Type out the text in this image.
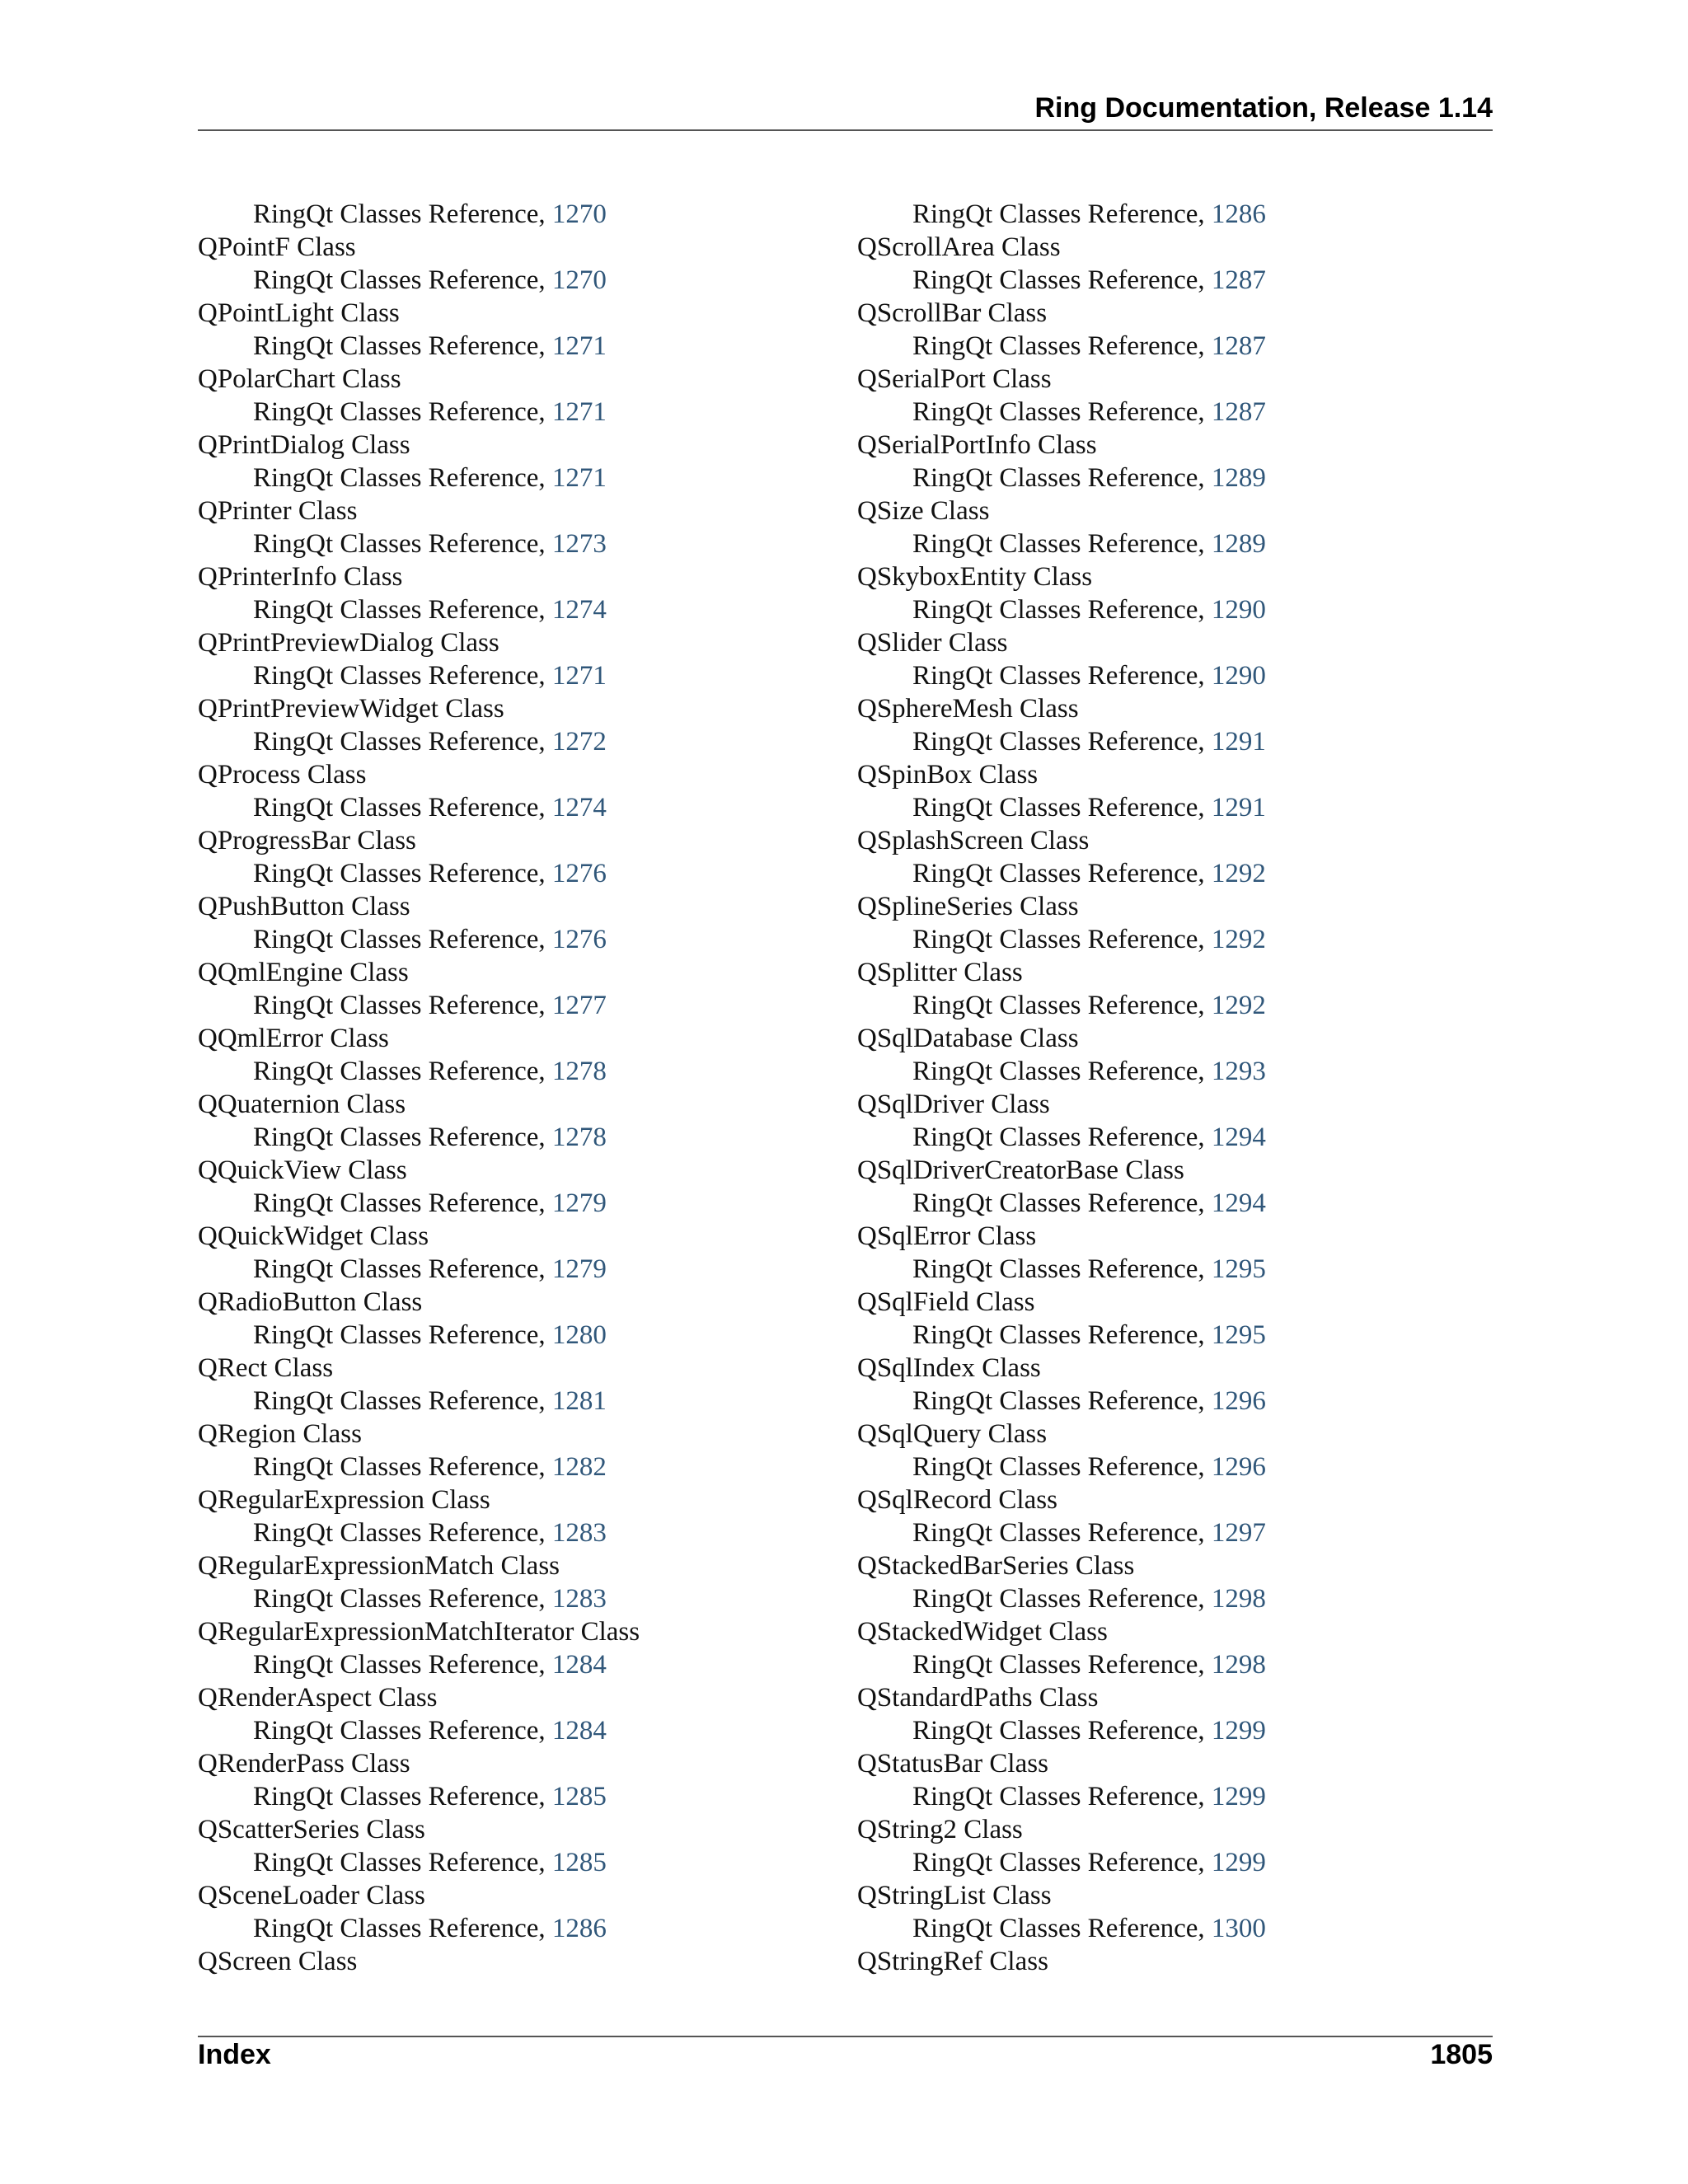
Ring Documentation, Release 1.14
RingQt Classes Reference, 1270
QPointF Class
RingQt Classes Reference, 1270
QPointLight Class
RingQt Classes Reference, 1271
QPolarChart Class
RingQt Classes Reference, 1271
QPrintDialog Class
RingQt Classes Reference, 1271
QPrinter Class
RingQt Classes Reference, 1273
QPrinterInfo Class
RingQt Classes Reference, 1274
QPrintPreviewDialog Class
RingQt Classes Reference, 1271
QPrintPreviewWidget Class
RingQt Classes Reference, 1272
QProcess Class
RingQt Classes Reference, 1274
QProgressBar Class
RingQt Classes Reference, 1276
QPushButton Class
RingQt Classes Reference, 1276
QQmlEngine Class
RingQt Classes Reference, 1277
QQmlError Class
RingQt Classes Reference, 1278
QQuaternion Class
RingQt Classes Reference, 1278
QQuickView Class
RingQt Classes Reference, 1279
QQuickWidget Class
RingQt Classes Reference, 1279
QRadioButton Class
RingQt Classes Reference, 1280
QRect Class
RingQt Classes Reference, 1281
QRegion Class
RingQt Classes Reference, 1282
QRegularExpression Class
RingQt Classes Reference, 1283
QRegularExpressionMatch Class
RingQt Classes Reference, 1283
QRegularExpressionMatchIterator Class
RingQt Classes Reference, 1284
QRenderAspect Class
RingQt Classes Reference, 1284
QRenderPass Class
RingQt Classes Reference, 1285
QScatterSeries Class
RingQt Classes Reference, 1285
QSceneLoader Class
RingQt Classes Reference, 1286
QScreen Class
RingQt Classes Reference, 1286
QScrollArea Class
RingQt Classes Reference, 1287
QScrollBar Class
RingQt Classes Reference, 1287
QSerialPort Class
RingQt Classes Reference, 1287
QSerialPortInfo Class
RingQt Classes Reference, 1289
QSize Class
RingQt Classes Reference, 1289
QSkyboxEntity Class
RingQt Classes Reference, 1290
QSlider Class
RingQt Classes Reference, 1290
QSphereMesh Class
RingQt Classes Reference, 1291
QSpinBox Class
RingQt Classes Reference, 1291
QSplashScreen Class
RingQt Classes Reference, 1292
QSplineSeries Class
RingQt Classes Reference, 1292
QSplitter Class
RingQt Classes Reference, 1292
QSqlDatabase Class
RingQt Classes Reference, 1293
QSqlDriver Class
RingQt Classes Reference, 1294
QSqlDriverCreatorBase Class
RingQt Classes Reference, 1294
QSqlError Class
RingQt Classes Reference, 1295
QSqlField Class
RingQt Classes Reference, 1295
QSqlIndex Class
RingQt Classes Reference, 1296
QSqlQuery Class
RingQt Classes Reference, 1296
QSqlRecord Class
RingQt Classes Reference, 1297
QStackedBarSeries Class
RingQt Classes Reference, 1298
QStackedWidget Class
RingQt Classes Reference, 1298
QStandardPaths Class
RingQt Classes Reference, 1299
QStatusBar Class
RingQt Classes Reference, 1299
QString2 Class
RingQt Classes Reference, 1299
QStringList Class
RingQt Classes Reference, 1300
QStringRef Class
Index	1805
